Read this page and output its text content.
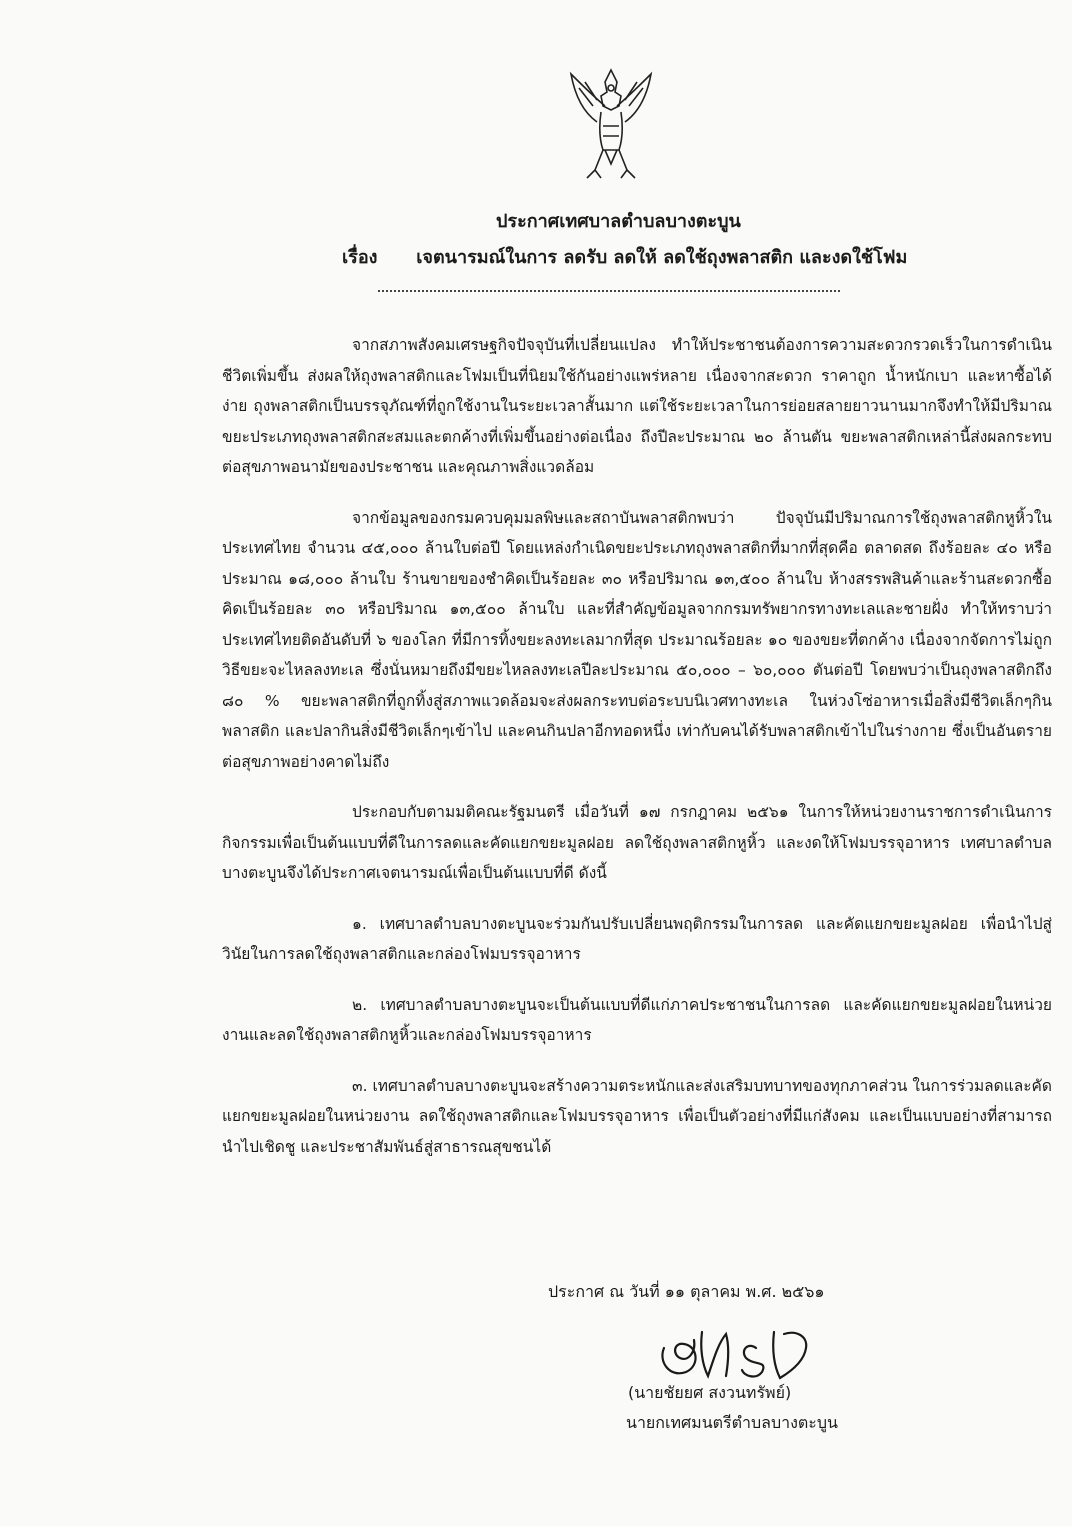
ประกาศเทศบาลตำบลบางตะบูน
เรื่อง เจตนารมณ์ในการ ลดรับ ลดให้ ลดใช้ถุงพลาสติก และงดใช้โฟม

จากสภาพสังคมเศรษฐกิจปัจจุบันที่เปลี่ยนแปลง ทำให้ประชาชนต้องการความสะดวกรวดเร็วในการดำเนินชีวิตเพิ่มขึ้น ส่งผลให้ถุงพลาสติกและโฟมเป็นที่นิยมใช้กันอย่างแพร่หลาย เนื่องจากสะดวก ราคาถูก น้ำหนักเบา และหาซื้อได้ง่าย ถุงพลาสติกเป็นบรรจุภัณฑ์ที่ถูกใช้งานในระยะเวลาสั้นมาก แต่ใช้ระยะเวลาในการย่อยสลายยาวนานมากจึงทำให้มีปริมาณขยะประเภทถุงพลาสติกสะสมและตกค้างที่เพิ่มขึ้นอย่างต่อเนื่อง ถึงปีละประมาณ ๒๐ ล้านตัน ขยะพลาสติกเหล่านี้ส่งผลกระทบต่อสุขภาพอนามัยของประชาชน และคุณภาพสิ่งแวดล้อม

จากข้อมูลของกรมควบคุมมลพิษและสถาบันพลาสติกพบว่า ปัจจุบันมีปริมาณการใช้ถุงพลาสติกหูหิ้วในประเทศไทย จำนวน ๔๕,๐๐๐ ล้านใบต่อปี โดยแหล่งกำเนิดขยะประเภทถุงพลาสติกที่มากที่สุดคือ ตลาดสด ถึงร้อยละ ๔๐ หรือประมาณ ๑๘,๐๐๐ ล้านใบ ร้านขายของชำคิดเป็นร้อยละ ๓๐ หรือปริมาณ ๑๓,๕๐๐ ล้านใบ ห้างสรรพสินค้าและร้านสะดวกซื้อคิดเป็นร้อยละ ๓๐ หรือปริมาณ ๑๓,๕๐๐ ล้านใบ และที่สำคัญข้อมูลจากกรมทรัพยากรทางทะเลและชายฝั่ง ทำให้ทราบว่าประเทศไทยติดอันดับที่ ๖ ของโลก ที่มีการทิ้งขยะลงทะเลมากที่สุด ประมาณร้อยละ ๑๐ ของขยะที่ตกค้าง เนื่องจากจัดการไม่ถูกวิธีขยะจะไหลลงทะเล ซึ่งนั่นหมายถึงมีขยะไหลลงทะเลปีละประมาณ ๕๐,๐๐๐ – ๖๐,๐๐๐ ตันต่อปี โดยพบว่าเป็นถุงพลาสติกถึง ๘๐ % ขยะพลาสติกที่ถูกทิ้งสู่สภาพแวดล้อมจะส่งผลกระทบต่อระบบนิเวศทางทะเล ในห่วงโซ่อาหารเมื่อสิ่งมีชีวิตเล็กๆกินพลาสติก และปลากินสิ่งมีชีวิตเล็กๆเข้าไป และคนกินปลาอีกทอดหนึ่ง เท่ากับคนได้รับพลาสติกเข้าไปในร่างกาย ซึ่งเป็นอันตรายต่อสุขภาพอย่างคาดไม่ถึง

ประกอบกับตามมติคณะรัฐมนตรี เมื่อวันที่ ๑๗ กรกฎาคม ๒๕๖๑ ในการให้หน่วยงานราชการดำเนินการกิจกรรมเพื่อเป็นต้นแบบที่ดีในการลดและคัดแยกขยะมูลฝอย ลดใช้ถุงพลาสติกหูหิ้ว และงดให้โฟมบรรจุอาหาร เทศบาลตำบลบางตะบูนจึงได้ประกาศเจตนารมณ์เพื่อเป็นต้นแบบที่ดี ดังนี้

๑. เทศบาลตำบลบางตะบูนจะร่วมกันปรับเปลี่ยนพฤติกรรมในการลด และคัดแยกขยะมูลฝอย เพื่อนำไปสู่วินัยในการลดใช้ถุงพลาสติกและกล่องโฟมบรรจุอาหาร

๒. เทศบาลตำบลบางตะบูนจะเป็นต้นแบบที่ดีแก่ภาคประชาชนในการลด และคัดแยกขยะมูลฝอยในหน่วยงานและลดใช้ถุงพลาสติกหูหิ้วและกล่องโฟมบรรจุอาหาร

๓. เทศบาลตำบลบางตะบูนจะสร้างความตระหนักและส่งเสริมบทบาทของทุกภาคส่วน ในการร่วมลดและคัดแยกขยะมูลฝอยในหน่วยงาน ลดใช้ถุงพลาสติกและโฟมบรรจุอาหาร เพื่อเป็นตัวอย่างที่มีแก่สังคม และเป็นแบบอย่างที่สามารถนำไปเชิดชู และประชาสัมพันธ์สู่สาธารณสุขชนได้

ประกาศ ณ วันที่ ๑๑ ตุลาคม พ.ศ. ๒๕๖๑
(นายชัยยศ สงวนทรัพย์)
นายกเทศมนตรีตำบลบางตะบูน
